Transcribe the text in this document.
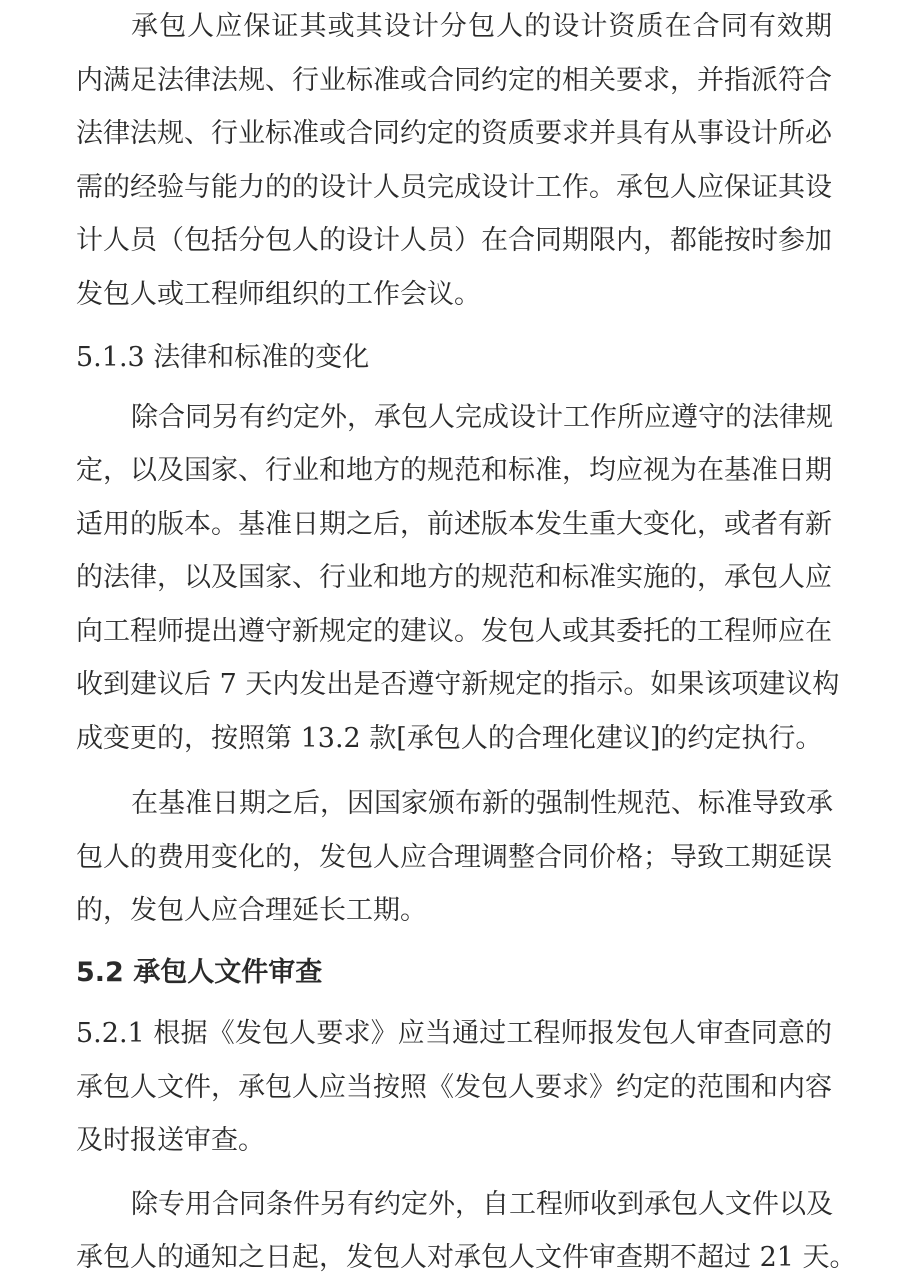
承包人应保证其或其设计分包人的设计资质在合同有效期
内满足法律法规、行业标准或合同约定的相关要求，并指派符合
法律法规、行业标准或合同约定的资质要求并具有从事设计所必
需的经验与能力的的设计人员完成设计工作。承包人应保证其设
计人员（包括分包人的设计人员）在合同期限内，都能按时参加
发包人或工程师组织的工作会议。
5.1.3 法律和标准的变化
除合同另有约定外，承包人完成设计工作所应遵守的法律规
定，以及国家、行业和地方的规范和标准，均应视为在基准日期
适用的版本。基准日期之后，前述版本发生重大变化，或者有新
的法律，以及国家、行业和地方的规范和标准实施的，承包人应
向工程师提出遵守新规定的建议。发包人或其委托的工程师应在
收到建议后 7 天内发出是否遵守新规定的指示。如果该项建议构
成变更的，按照第 13.2 款[承包人的合理化建议]的约定执行。
在基准日期之后，因国家颁布新的强制性规范、标准导致承
包人的费用变化的，发包人应合理调整合同价格；导致工期延误
的，发包人应合理延长工期。
5.2 承包人文件审查
5.2.1 根据《发包人要求》应当通过工程师报发包人审查同意的
承包人文件，承包人应当按照《发包人要求》约定的范围和内容
及时报送审查。
除专用合同条件另有约定外，自工程师收到承包人文件以及
承包人的通知之日起，发包人对承包人文件审查期不超过 21 天。
